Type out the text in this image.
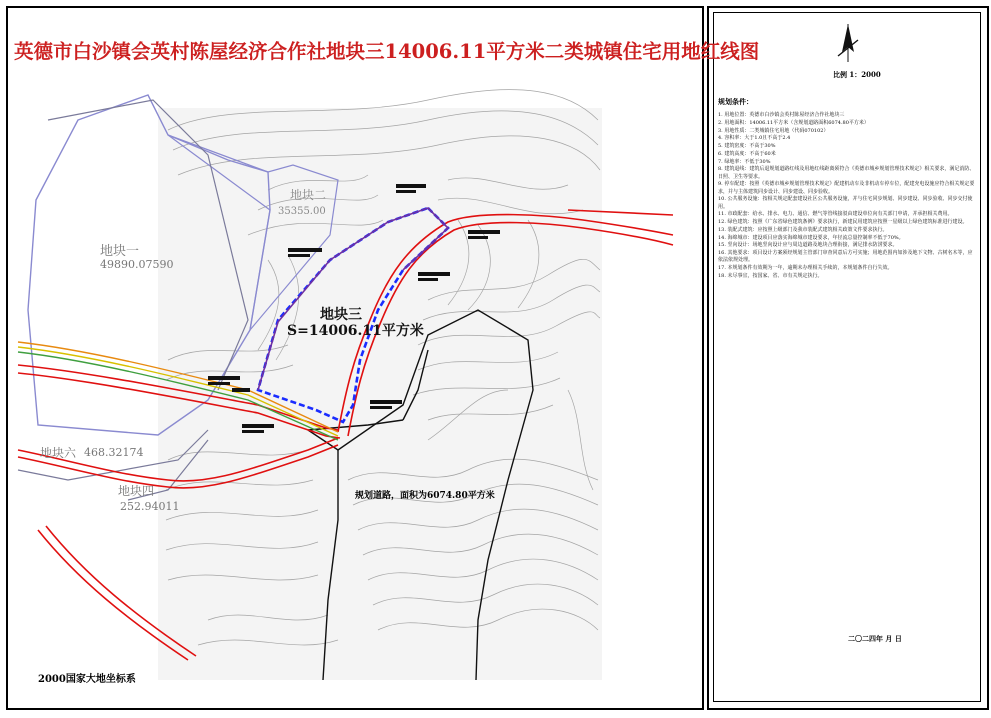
英德市白沙镇会英村陈屋经济合作社地块三14006.11平方米二类城镇住宅用地红线图
地块一
49890.07590
地块二
35355.00
地块三
S=14006.11平方米
地块六 468.32174
地块四
252.94011
规划道路，面积为6074.80平方米
2000国家大地坐标系
比例 1：2000
规划条件：

1. 用地位置：英德市白沙镇会英村陈屋经济合作社地块三

2. 用地面积：14006.11平方米（含规划道路面积6074.80平方米）

3. 用地性质：二类城镇住宅用地（代码070102）

4. 容积率：大于1.0且不高于2.4

5. 建筑密度：不高于30%

6. 建筑高度：不高于60米

7. 绿地率：不低于30%

8. 建筑退线：建筑后退规划道路红线及用地红线距离须符合《英德市城乡规划管理技术规定》相关要求，满足消防、日照、卫生等要求。

9. 停车配建：按照《英德市城乡规划管理技术规定》配建机动车及非机动车停车位，配建充电设施应符合相关规定要求，并与主体建筑同步设计、同步建设、同步验收。

10. 公共服务设施：按相关规定配套建设社区公共服务设施，并与住宅同步规划、同步建设、同步验收、同步交付使用。

11. 市政配套：给水、排水、电力、通信、燃气等管线接驳由建设单位向有关部门申请，并承担相关费用。

12. 绿色建筑：按照《广东省绿色建筑条例》要求执行，新建民用建筑应按照一星级以上绿色建筑标准进行建设。

13. 装配式建筑：应按照上级部门及我市装配式建筑相关政策文件要求执行。

14. 海绵城市：建设项目应落实海绵城市建设要求，年径流总量控制率不低于70%。

15. 竖向设计：场地竖向设计应与周边道路及地块合理衔接，满足排水防涝要求。

16. 其他要求：项目设计方案须经规划主管部门审查同意后方可实施；用地范围内如涉及地下文物、古树名木等，应依法依规处理。

17. 本规划条件有效期为一年，逾期未办理相关手续的，本规划条件自行失效。

18. 未尽事宜，按国家、省、市有关规定执行。

二〇二四年 月 日
